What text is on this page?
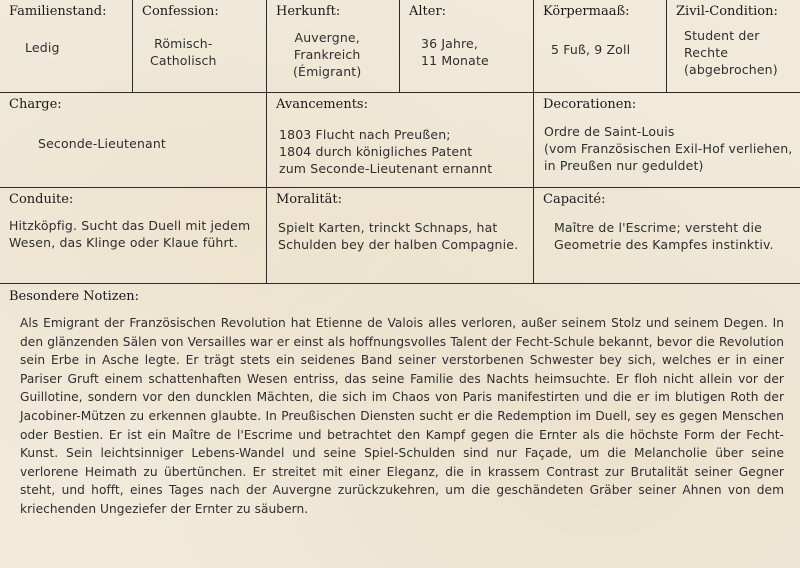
Familienstand:
Ledig
Confession:
Römisch-
Catholisch
Herkunft:
Auvergne,
Frankreich
(Émigrant)
Alter:
36 Jahre,
11 Monate
Körpermaaß:
5 Fuß, 9 Zoll
Zivil-Condition:
Student der
Rechte
(abgebrochen)
Charge:
Seconde-Lieutenant
Avancements:
1803 Flucht nach Preußen;
1804 durch königliches Patent
zum Seconde-Lieutenant ernannt
Decorationen:
Ordre de Saint-Louis
(vom Französischen Exil-Hof verliehen,
in Preußen nur geduldet)
Conduite:
Hitzköpfig. Sucht das Duell mit jedem
Wesen, das Klinge oder Klaue führt.
Moralität:
Spielt Karten, trinckt Schnaps, hat
Schulden bey der halben Compagnie.
Capacité:
Maître de l'Escrime; versteht die
Geometrie des Kampfes instinktiv.
Besondere Notizen:
Als Emigrant der Französischen Revolution hat Etienne de Valois alles verloren, außer seinem Stolz und seinem Degen. In den glänzenden Sälen von Versailles war er einst als hoffnungsvolles Talent der Fecht-Schule bekannt, bevor die Revolution sein Erbe in Asche legte. Er trägt stets ein seidenes Band seiner verstorbenen Schwester bey sich, welches er in einer Pariser Gruft einem schattenhaften Wesen entriss, das seine Familie des Nachts heimsuchte. Er floh nicht allein vor der Guillotine, sondern vor den duncklen Mächten, die sich im Chaos von Paris manifestirten und die er im blutigen Roth der Jacobiner-Mützen zu erkennen glaubte. In Preußischen Diensten sucht er die Redemption im Duell, sey es gegen Menschen oder Bestien. Er ist ein Maître de l'Escrime und betrachtet den Kampf gegen die Ernter als die höchste Form der Fecht-Kunst. Sein leichtsinniger Lebens-Wandel und seine Spiel-Schulden sind nur Façade, um die Melancholie über seine verlorene Heimath zu übertünchen. Er streitet mit einer Eleganz, die in krassem Contrast zur Brutalität seiner Gegner steht, und hofft, eines Tages nach der Auvergne zurückzukehren, um die geschändeten Gräber seiner Ahnen von dem kriechenden Ungeziefer der Ernter zu säubern.
